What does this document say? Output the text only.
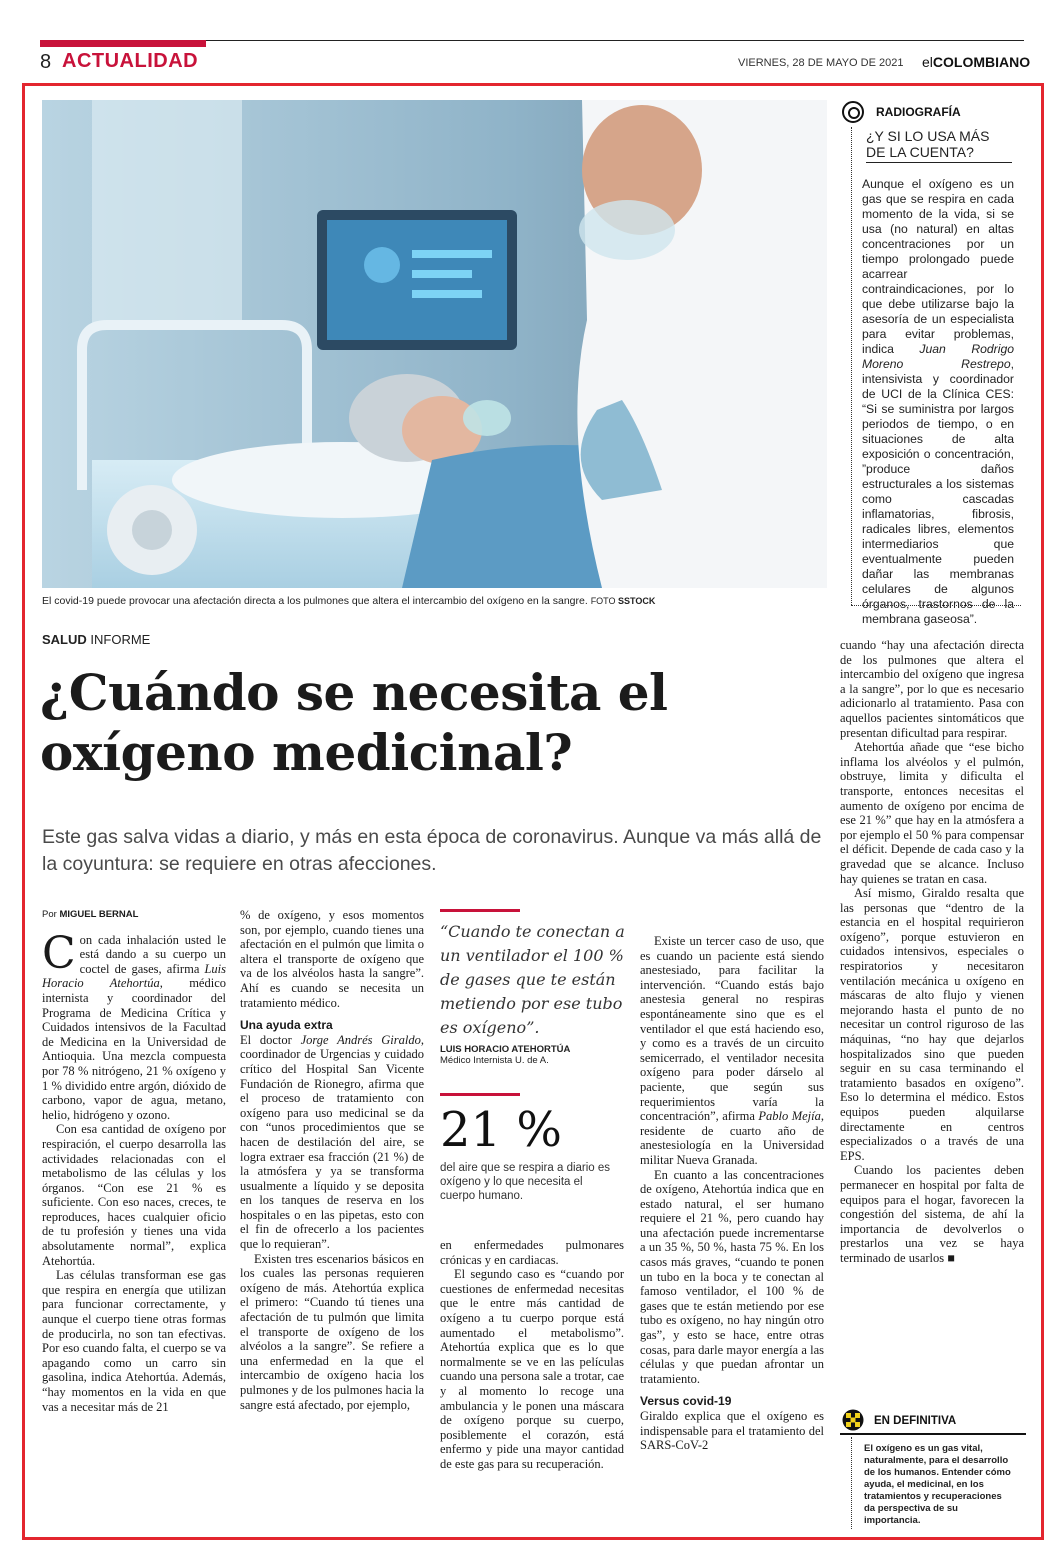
8 ACTUALIDAD	VIERNES, 28 DE MAYO DE 2021 elCOLOMBIANO
El covid-19 puede provocar una afectación directa a los pulmones que altera el intercambio del oxígeno en la sangre. FOTO SSTOCK
RADIOGRAFÍA
¿Y SI LO USA MÁS DE LA CUENTA?
Aunque el oxígeno es un gas que se respira en cada momento de la vida, si se usa (no natural) en altas concentraciones por un tiempo prolongado puede acarrear contraindicaciones, por lo que debe utilizarse bajo la asesoría de un especialista para evitar problemas, indica Juan Rodrigo Moreno Restrepo, intensivista y coordinador de UCI de la Clínica CES: “Si se suministra por largos periodos de tiempo, o en situaciones de alta exposición o concentración, ”produce daños estructurales a los sistemas como cascadas inflamatorias, fibrosis, radicales libres, elementos intermediarios que eventualmente pueden dañar las membranas celulares de algunos órganos, trastornos de la membrana gaseosa”.
SALUD INFORME
¿Cuándo se necesita el oxígeno medicinal?
Este gas salva vidas a diario, y más en esta época de coronavirus. Aunque va más allá de la coyuntura: se requiere en otras afecciones.

Por MIGUEL BERNAL

Con cada inhalación usted le está dando a su cuerpo un coctel de gases, afirma Luis Horacio Atehortúa, médico internista y coordinador del Programa de Medicina Crítica y Cuidados intensivos de la Facultad de Medicina en la Universidad de Antioquia. Una mezcla compuesta por 78 % nitrógeno, 21 % oxígeno y 1 % dividido entre argón, dióxido de carbono, vapor de agua, metano, helio, hidrógeno y ozono.

Con esa cantidad de oxígeno por respiración, el cuerpo desarrolla las actividades relacionadas con el metabolismo de las células y los órganos. “Con ese 21 % es suficiente. Con eso naces, creces, te reproduces, haces cualquier oficio de tu profesión y tienes una vida absolutamente normal”, explica Atehortúa.

Las células transforman ese gas que respira en energía que utilizan para funcionar correctamente, y aunque el cuerpo tiene otras formas de producirla, no son tan efectivas. Por eso cuando falta, el cuerpo se va apagando como un carro sin gasolina, indica Atehortúa. Además, “hay momentos en la vida en que vas a necesitar más de 21

% de oxígeno, y esos momentos son, por ejemplo, cuando tienes una afectación en el pulmón que limita o altera el transporte de oxígeno que va de los alvéolos hasta la sangre”. Ahí es cuando se necesita un tratamiento médico.

Una ayuda extra

El doctor Jorge Andrés Giraldo, coordinador de Urgencias y cuidado crítico del Hospital San Vicente Fundación de Rionegro, afirma que el proceso de tratamiento con oxígeno para uso medicinal se da con “unos procedimientos que se hacen de destilación del aire, se logra extraer esa fracción (21 %) de la atmósfera y ya se transforma usualmente a líquido y se deposita en los tanques de reserva en los hospitales o en las pipetas, esto con el fin de ofrecerlo a los pacientes que lo requieran”.

Existen tres escenarios básicos en los cuales las personas requieren oxígeno de más. Atehortúa explica el primero: “Cuando tú tienes una afectación de tu pulmón que limita el transporte de oxígeno de los alvéolos a la sangre”. Se refiere a una enfermedad en la que el intercambio de oxígeno hacia los pulmones y de los pulmones hacia la sangre está afectado, por ejemplo,

“Cuando te conectan a un ventilador el 100 % de gases que te están metiendo por ese tubo es oxígeno”.
LUIS HORACIO ATEHORTÚA
Médico Internista U. de A.
21 %
del aire que se respira a diario es oxígeno y lo que necesita el cuerpo humano.

en enfermedades pulmonares crónicas y en cardiacas.

El segundo caso es “cuando por cuestiones de enfermedad necesitas que le entre más cantidad de oxígeno a tu cuerpo porque está aumentado el metabolismo”. Atehortúa explica que es lo que normalmente se ve en las películas cuando una persona sale a trotar, cae y al momento lo recoge una ambulancia y le ponen una máscara de oxígeno porque su cuerpo, posiblemente el corazón, está enfermo y pide una mayor cantidad de este gas para su recuperación.

Existe un tercer caso de uso, que es cuando un paciente está siendo anestesiado, para facilitar la intervención. “Cuando estás bajo anestesia general no respiras espontáneamente sino que es el ventilador el que está haciendo eso, y como es a través de un circuito semicerrado, el ventilador necesita oxígeno para poder dárselo al paciente, que según sus requerimientos varía la concentración”, afirma Pablo Mejía, residente de cuarto año de anestesiología en la Universidad militar Nueva Granada.

En cuanto a las concentraciones de oxígeno, Atehortúa indica que en estado natural, el ser humano requiere el 21 %, pero cuando hay una afectación puede incrementarse a un 35 %, 50 %, hasta 75 %. En los casos más graves, “cuando te ponen un tubo en la boca y te conectan al famoso ventilador, el 100 % de gases que te están metiendo por ese tubo es oxígeno, no hay ningún otro gas”, y esto se hace, entre otras cosas, para darle mayor energía a las células y que puedan afrontar un tratamiento.

Versus covid-19

Giraldo explica que el oxígeno es indispensable para el tratamiento del SARS-CoV-2

cuando “hay una afectación directa de los pulmones que altera el intercambio del oxígeno que ingresa a la sangre”, por lo que es necesario adicionarlo al tratamiento. Pasa con aquellos pacientes sintomáticos que presentan dificultad para respirar.

Atehortúa añade que “ese bicho inflama los alvéolos y el pulmón, obstruye, limita y dificulta el transporte, entonces necesitas el aumento de oxígeno por encima de ese 21 %” que hay en la atmósfera a por ejemplo el 50 % para compensar el déficit. Depende de cada caso y la gravedad que se alcance. Incluso hay quienes se tratan en casa.

Así mismo, Giraldo resalta que las personas que “dentro de la estancia en el hospital requirieron oxígeno”, porque estuvieron en cuidados intensivos, especiales o respiratorios y necesitaron ventilación mecánica u oxígeno en máscaras de alto flujo y vienen mejorando hasta el punto de no necesitar un control riguroso de las máquinas, “no hay que dejarlos hospitalizados sino que pueden seguir en su casa terminando el tratamiento basados en oxígeno”. Eso lo determina el médico. Estos equipos pueden alquilarse directamente en centros especializados o a través de una EPS.

Cuando los pacientes deben permanecer en hospital por falta de equipos para el hogar, favorecen la congestión del sistema, de ahí la importancia de devolverlos o prestarlos una vez se haya terminado de usarlos ■

EN DEFINITIVA
El oxígeno es un gas vital, naturalmente, para el desarrollo de los humanos. Entender cómo ayuda, el medicinal, en los tratamientos y recuperaciones da perspectiva de su importancia.
